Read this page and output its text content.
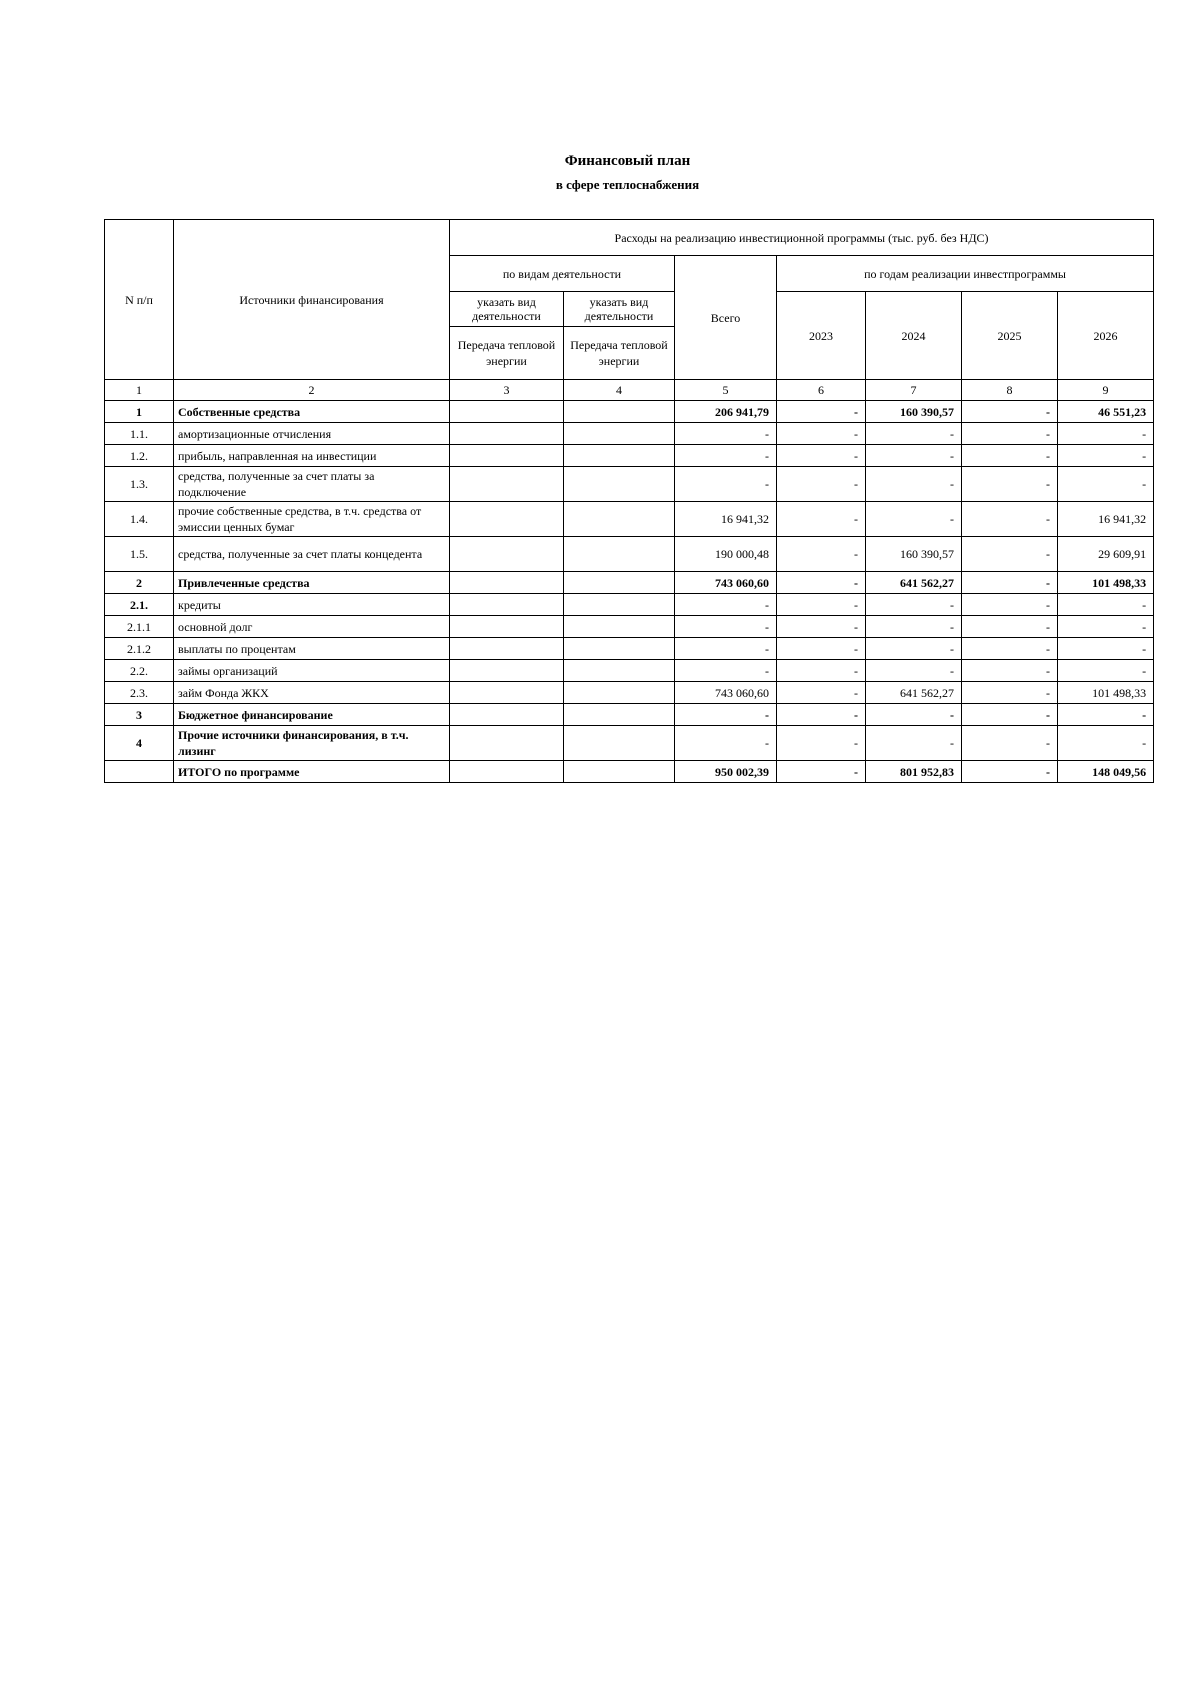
Финансовый план
в сфере теплоснабжения
N п/п	Источники финансирования	Расходы на реализацию инвестиционной программы (тыс. руб. без НДС)						
		по видам деятельности		Всего	по годам реализации инвестпрограммы			
		указать вид деятельности	указать вид деятельности		2023	2024	2025	2026
		Передача тепловой энергии	Передача тепловой энергии					
1	2	3	4	5	6	7	8	9
1	Собственные средства			206 941,79	-	160 390,57	-	46 551,23
1.1.	амортизационные отчисления			-	-	-	-	-
1.2.	прибыль, направленная на инвестиции			-	-	-	-	-
1.3.	средства, полученные за счет платы за подключение			-	-	-	-	-
1.4.	прочие собственные средства, в т.ч. средства от эмиссии ценных бумаг			16 941,32	-	-	-	16 941,32
1.5.	средства, полученные за счет платы концедента			190 000,48	-	160 390,57	-	29 609,91
2	Привлеченные средства			743 060,60	-	641 562,27	-	101 498,33
2.1.	кредиты			-	-	-	-	-
2.1.1	основной долг			-	-	-	-	-
2.1.2	выплаты по процентам			-	-	-	-	-
2.2.	займы организаций			-	-	-	-	-
2.3.	займ Фонда ЖКХ			743 060,60	-	641 562,27	-	101 498,33
3	Бюджетное финансирование			-	-	-	-	-
4	Прочие источники финансирования, в т.ч. лизинг			-	-	-	-	-
	ИТОГО по программе			950 002,39	-	801 952,83	-	148 049,56
